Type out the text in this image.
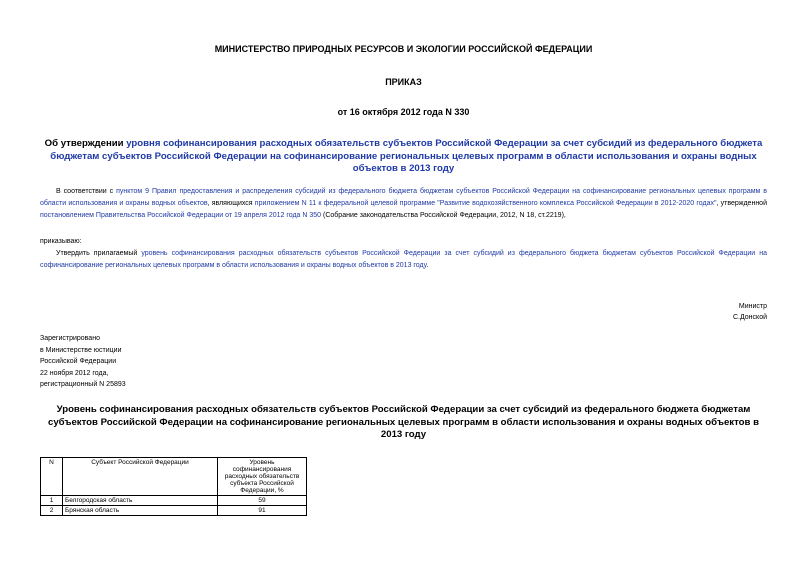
МИНИСТЕРСТВО ПРИРОДНЫХ РЕСУРСОВ И ЭКОЛОГИИ РОССИЙСКОЙ ФЕДЕРАЦИИ
ПРИКАЗ
от 16 октября 2012 года N 330
Об утверждении уровня софинансирования расходных обязательств субъектов Российской Федерации за счет субсидий из федерального бюджета бюджетам субъектов Российской Федерации на софинансирование региональных целевых программ в области использования и охраны водных объектов в 2013 году
В соответствии с пунктом 9 Правил предоставления и распределения субсидий из федерального бюджета бюджетам субъектов Российской Федерации на софинансирование региональных целевых программ в области использования и охраны водных объектов, являющихся приложением N 11 к федеральной целевой программе "Развитие водохозяйственного комплекса Российской Федерации в 2012-2020 годах", утвержденной постановлением Правительства Российской Федерации от 19 апреля 2012 года N 350 (Собрание законодательства Российской Федерации, 2012, N 18, ст.2219),
приказываю:
Утвердить прилагаемый уровень софинансирования расходных обязательств субъектов Российской Федерации за счет субсидий из федерального бюджета бюджетам субъектов Российской Федерации на софинансирование региональных целевых программ в области использования и охраны водных объектов в 2013 году.
Министр
С.Донской
Зарегистрировано
в Министерстве юстиции
Российской Федерации
22 ноября 2012 года,
регистрационный N 25893
Уровень софинансирования расходных обязательств субъектов Российской Федерации за счет субсидий из федерального бюджета бюджетам субъектов Российской Федерации на софинансирование региональных целевых программ в области использования и охраны водных объектов в 2013 году
N	Субъект Российской Федерации	Уровень софинансирования расходных обязательств субъекта Российской Федерации, %
1	Белгородская область	59
2	Брянская область	91
